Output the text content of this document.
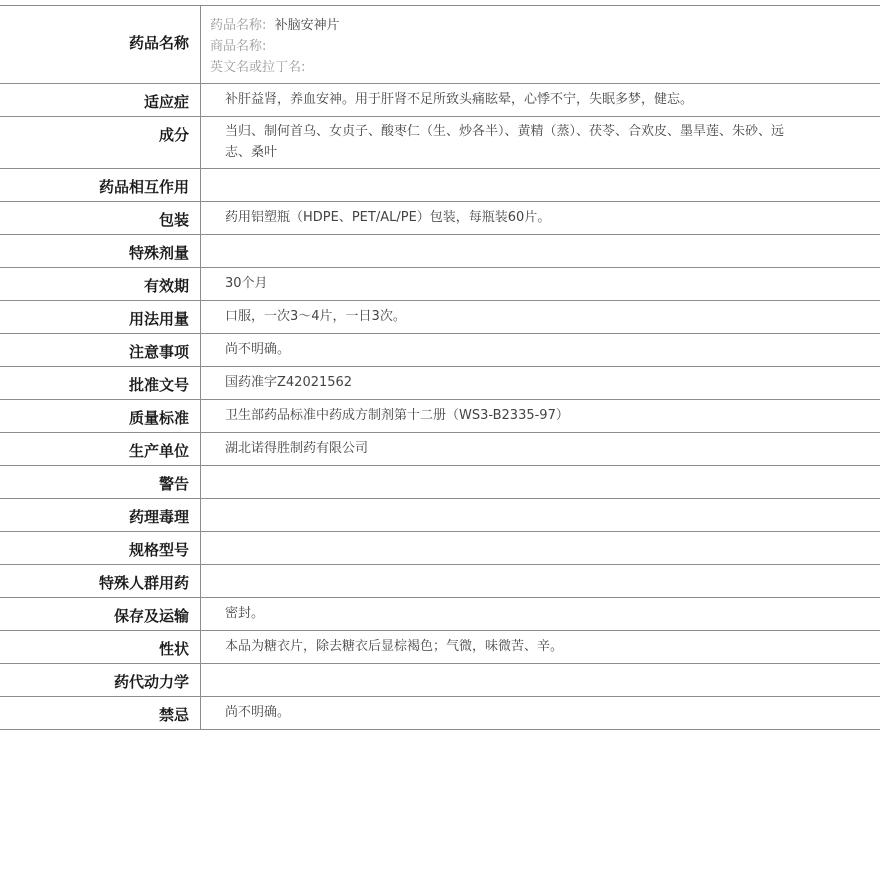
药品名称
药品名称: 补脑安神片
商品名称:
英文名或拉丁名:
适应症	补肝益肾，养血安神。用于肝肾不足所致头痛眩晕，心悸不宁，失眠多梦，健忘。
成分	当归、制何首乌、女贞子、酸枣仁（生、炒各半）、黄精（蒸）、茯苓、合欢皮、墨旱莲、朱砂、远志、桑叶
药品相互作用
包装	药用铝塑瓶（HDPE、PET/AL/PE）包装，每瓶装60片。
特殊剂量
有效期	30个月
用法用量	口服，一次3～4片，一日3次。
注意事项	尚不明确。
批准文号	国药准字Z42021562
质量标准	卫生部药品标准中药成方制剂第十二册（WS3-B2335-97）
生产单位	湖北诺得胜制药有限公司
警告
药理毒理
规格型号
特殊人群用药
保存及运输	密封。
性状	本品为糖衣片，除去糖衣后显棕褐色；气微，味微苦、辛。
药代动力学
禁忌	尚不明确。
